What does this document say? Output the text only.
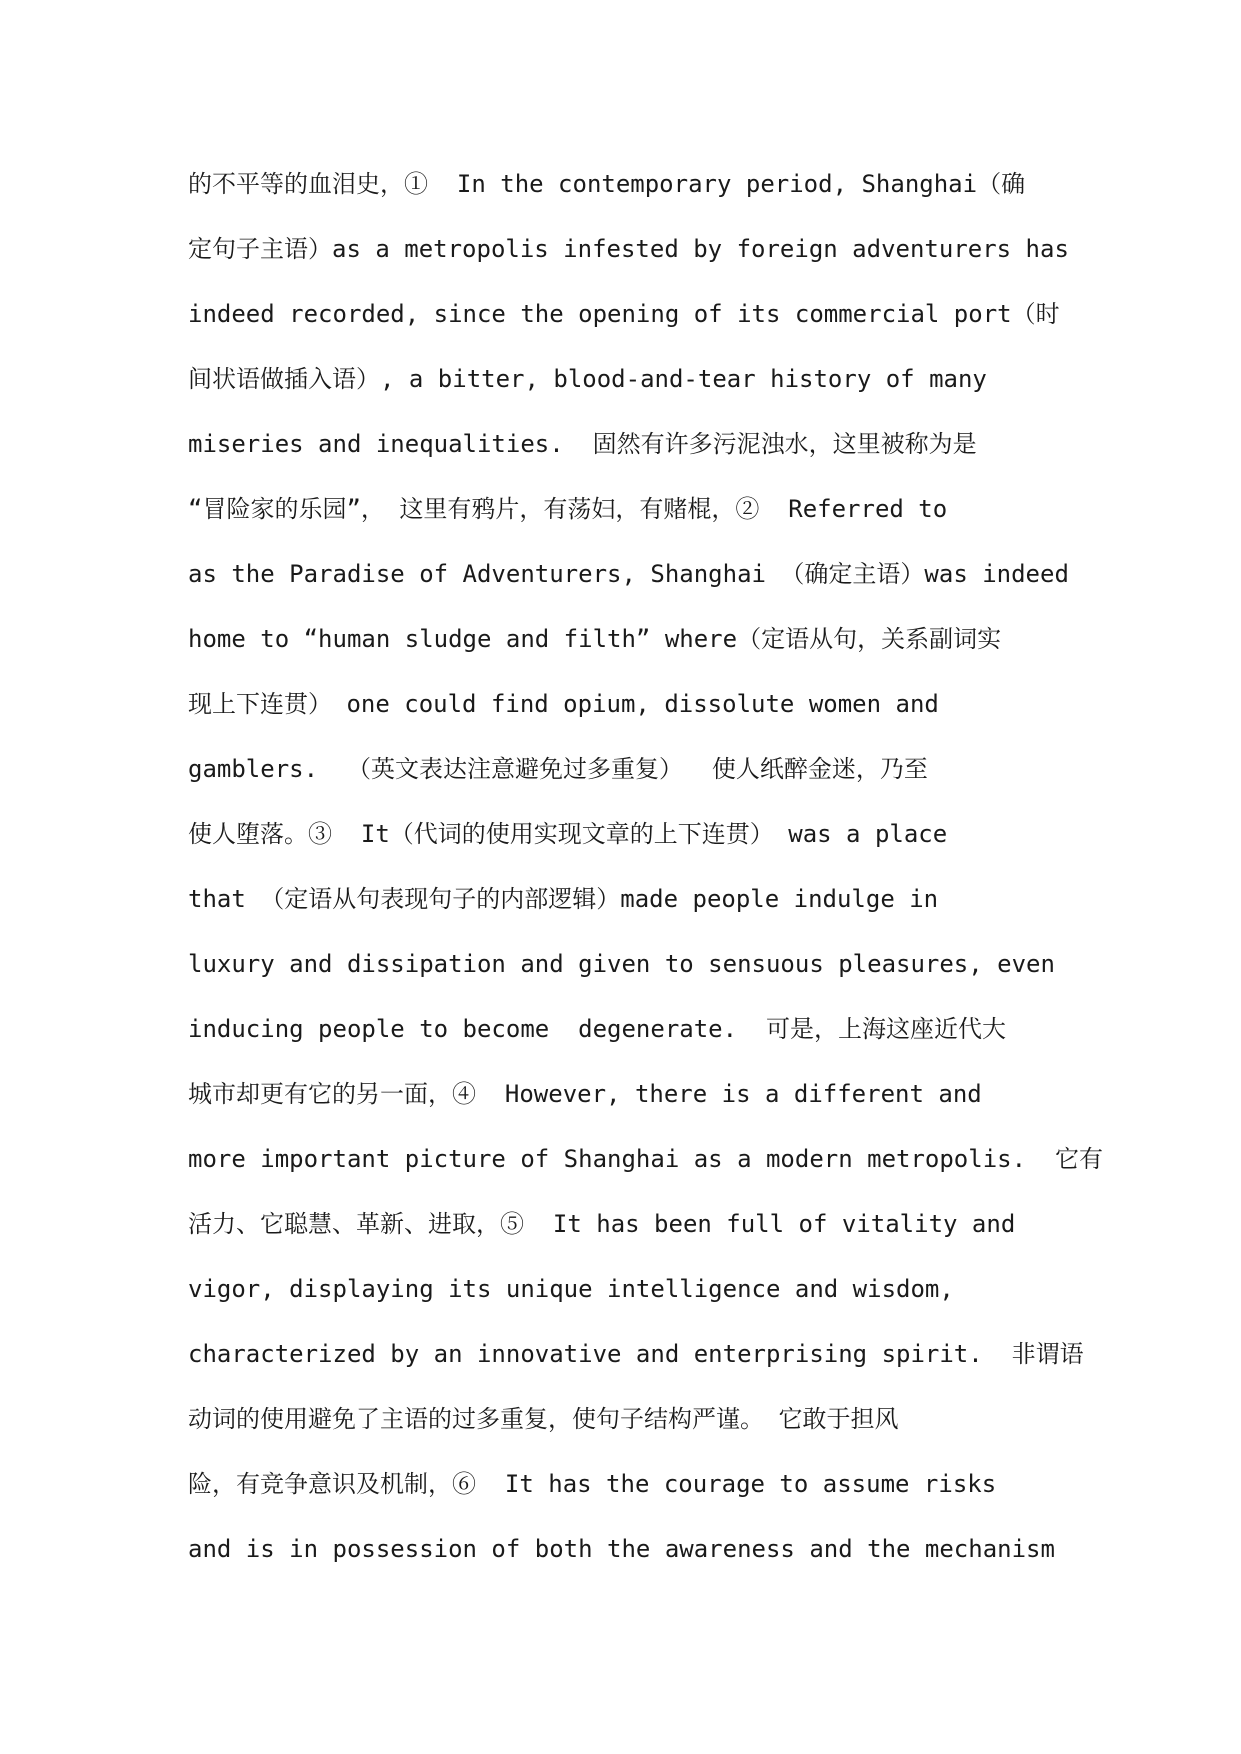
的不平等的血泪史，①  In the contemporary period, Shanghai（确
定句子主语）as a metropolis infested by foreign adventurers has
indeed recorded, since the opening of its commercial port（时
间状语做插入语）, a bitter, blood-and-tear history of many
miseries and inequalities.  固然有许多污泥浊水，这里被称为是
“冒险家的乐园”， 这里有鸦片，有荡妇，有赌棍，②  Referred to
as the Paradise of Adventurers, Shanghai （确定主语）was indeed
home to “human sludge and filth” where（定语从句，关系副词实
现上下连贯） one could find opium, dissolute women and
gamblers.  （英文表达注意避免过多重复）  使人纸醉金迷，乃至
使人堕落。③  It（代词的使用实现文章的上下连贯） was a place
that （定语从句表现句子的内部逻辑）made people indulge in
luxury and dissipation and given to sensuous pleasures, even
inducing people to become  degenerate.  可是，上海这座近代大
城市却更有它的另一面，④  However, there is a different and
more important picture of Shanghai as a modern metropolis.  它有
活力、它聪慧、革新、进取，⑤  It has been full of vitality and
vigor, displaying its unique intelligence and wisdom,
characterized by an innovative and enterprising spirit.  非谓语
动词的使用避免了主语的过多重复，使句子结构严谨。 它敢于担风
险，有竞争意识及机制，⑥  It has the courage to assume risks
and is in possession of both the awareness and the mechanism
